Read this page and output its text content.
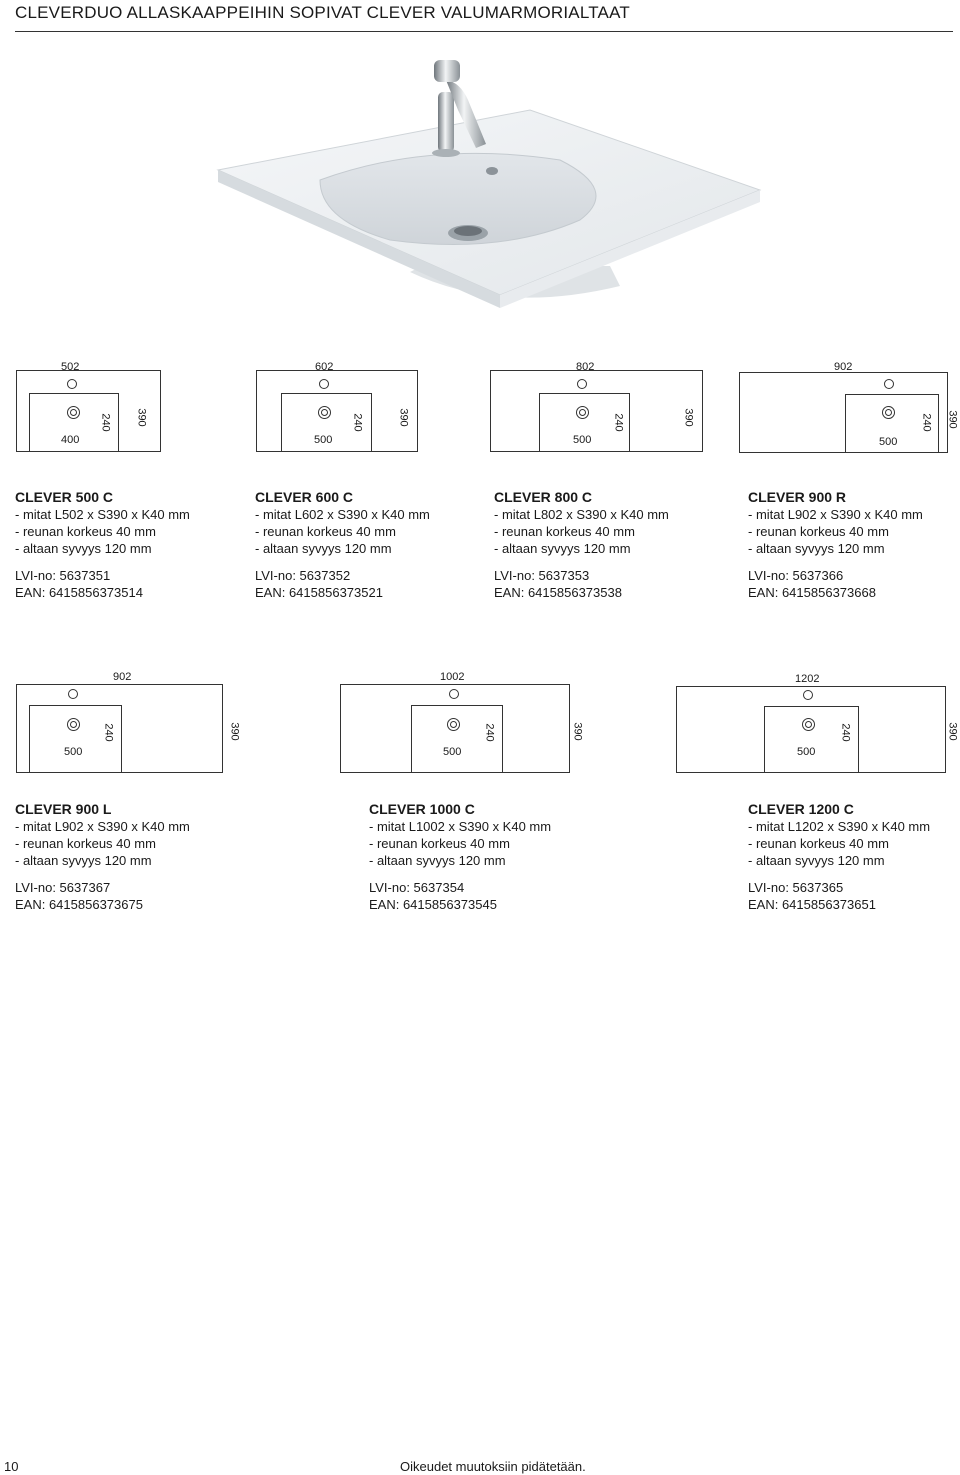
CLEVERDUO ALLASKAAPPEIHIN SOPIVAT CLEVER VALUMARMORIALTAAT
502
400
240 390
602
500
240	390
802
500
240	390
902
500
240 390
CLEVER 500 C
- mitat L502 x S390 x K40 mm
- reunan korkeus 40 mm
- altaan syvyys 120 mm
LVI-no: 5637351
EAN: 6415856373514
CLEVER 600 C
- mitat L602 x S390 x K40 mm
- reunan korkeus 40 mm
- altaan syvyys 120 mm
LVI-no: 5637352
EAN: 6415856373521
CLEVER 800 C
- mitat L802 x S390 x K40 mm
- reunan korkeus 40 mm
- altaan syvyys 120 mm
LVI-no: 5637353
EAN: 6415856373538
CLEVER 900 R
- mitat L902 x S390 x K40 mm
- reunan korkeus 40 mm
- altaan syvyys 120 mm
LVI-no: 5637366
EAN: 6415856373668
902
500
240	390
1002
500
240	390
1202
500
240	390
CLEVER 900 L
- mitat L902 x S390 x K40 mm
- reunan korkeus 40 mm
- altaan syvyys 120 mm
LVI-no: 5637367
EAN: 6415856373675
CLEVER 1000 C
- mitat L1002 x S390 x K40 mm
- reunan korkeus 40 mm
- altaan syvyys 120 mm
LVI-no: 5637354
EAN: 6415856373545
CLEVER 1200 C
- mitat L1202 x S390 x K40 mm
- reunan korkeus 40 mm
- altaan syvyys 120 mm
LVI-no: 5637365
EAN: 6415856373651
10	Oikeudet muutoksiin pidätetään.
